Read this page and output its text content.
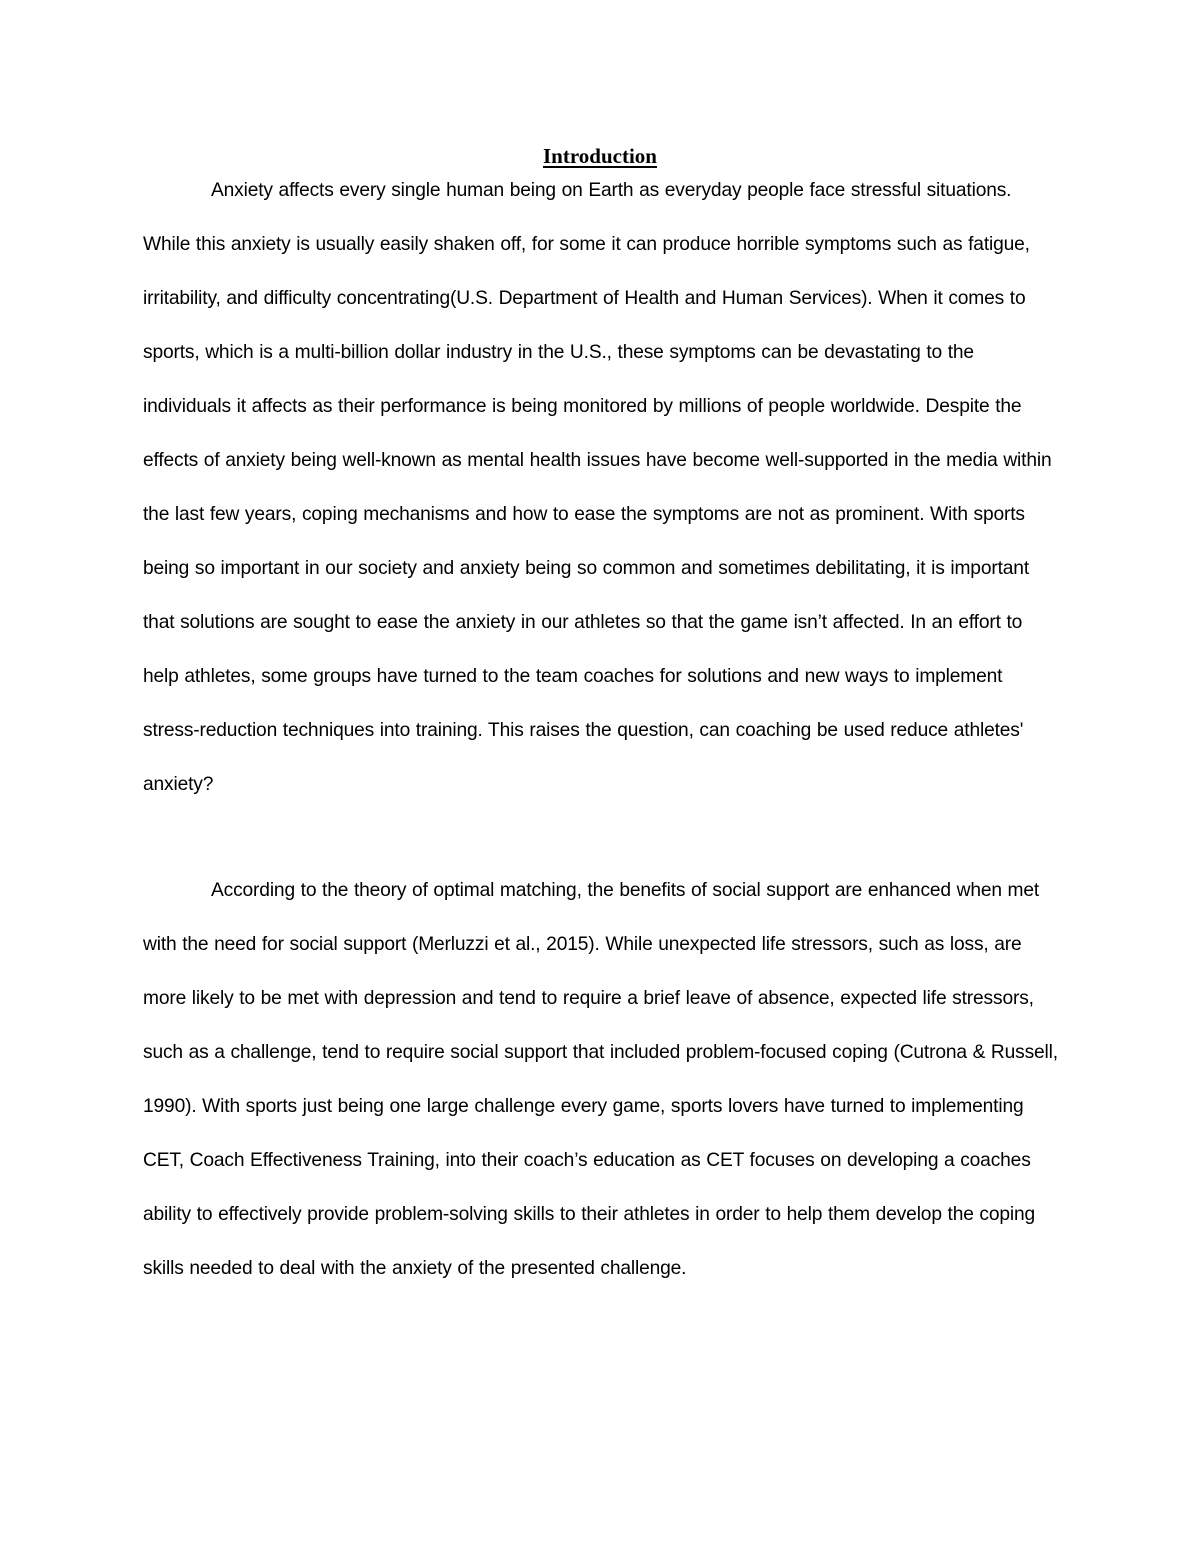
Introduction

Anxiety affects every single human being on Earth as everyday people face stressful situations. While this anxiety is usually easily shaken off, for some it can produce horrible symptoms such as fatigue, irritability, and difficulty concentrating(U.S. Department of Health and Human Services). When it comes to sports, which is a multi-billion dollar industry in the U.S., these symptoms can be devastating to the individuals it affects as their performance is being monitored by millions of people worldwide. Despite the effects of anxiety being well-known as mental health issues have become well-supported in the media within the last few years, coping mechanisms and how to ease the symptoms are not as prominent. With sports being so important in our society and anxiety being so common and sometimes debilitating, it is important that solutions are sought to ease the anxiety in our athletes so that the game isn’t affected. In an effort to help athletes, some groups have turned to the team coaches for solutions and new ways to implement stress-reduction techniques into training. This raises the question, can coaching be used reduce athletes' anxiety?

According to the theory of optimal matching, the benefits of social support are enhanced when met with the need for social support (Merluzzi et al., 2015). While unexpected life stressors, such as loss, are more likely to be met with depression and tend to require a brief leave of absence, expected life stressors, such as a challenge, tend to require social support that included problem-focused coping (Cutrona & Russell, 1990). With sports just being one large challenge every game, sports lovers have turned to implementing CET, Coach Effectiveness Training, into their coach’s education as CET focuses on developing a coaches ability to effectively provide problem-solving skills to their athletes in order to help them develop the coping skills needed to deal with the anxiety of the presented challenge.
